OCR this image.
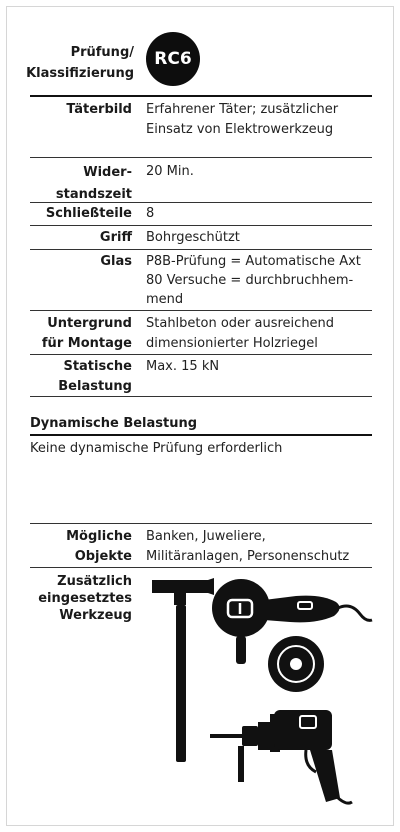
Prüfung/
Klassifizierung
RC6
Täterbild Erfahrener Täter; zusätzlicher
Einsatz von Elektrowerkzeug
Wider-
standszeit
20 Min.
Schließteile 8
Griff Bohrgeschützt
Glas P8B-Prüfung = Automatische Axt
80 Versuche = durchbruchhem-
mend
Untergrund
für Montage
Stahlbeton oder ausreichend
dimensionierter Holzriegel
Statische
Belastung
Max. 15 kN
Dynamische Belastung
Keine dynamische Prüfung erforderlich
Mögliche
Objekte
Banken, Juweliere,
Militäranlagen, Personenschutz
Zusätzlich
eingesetztes
Werkzeug
